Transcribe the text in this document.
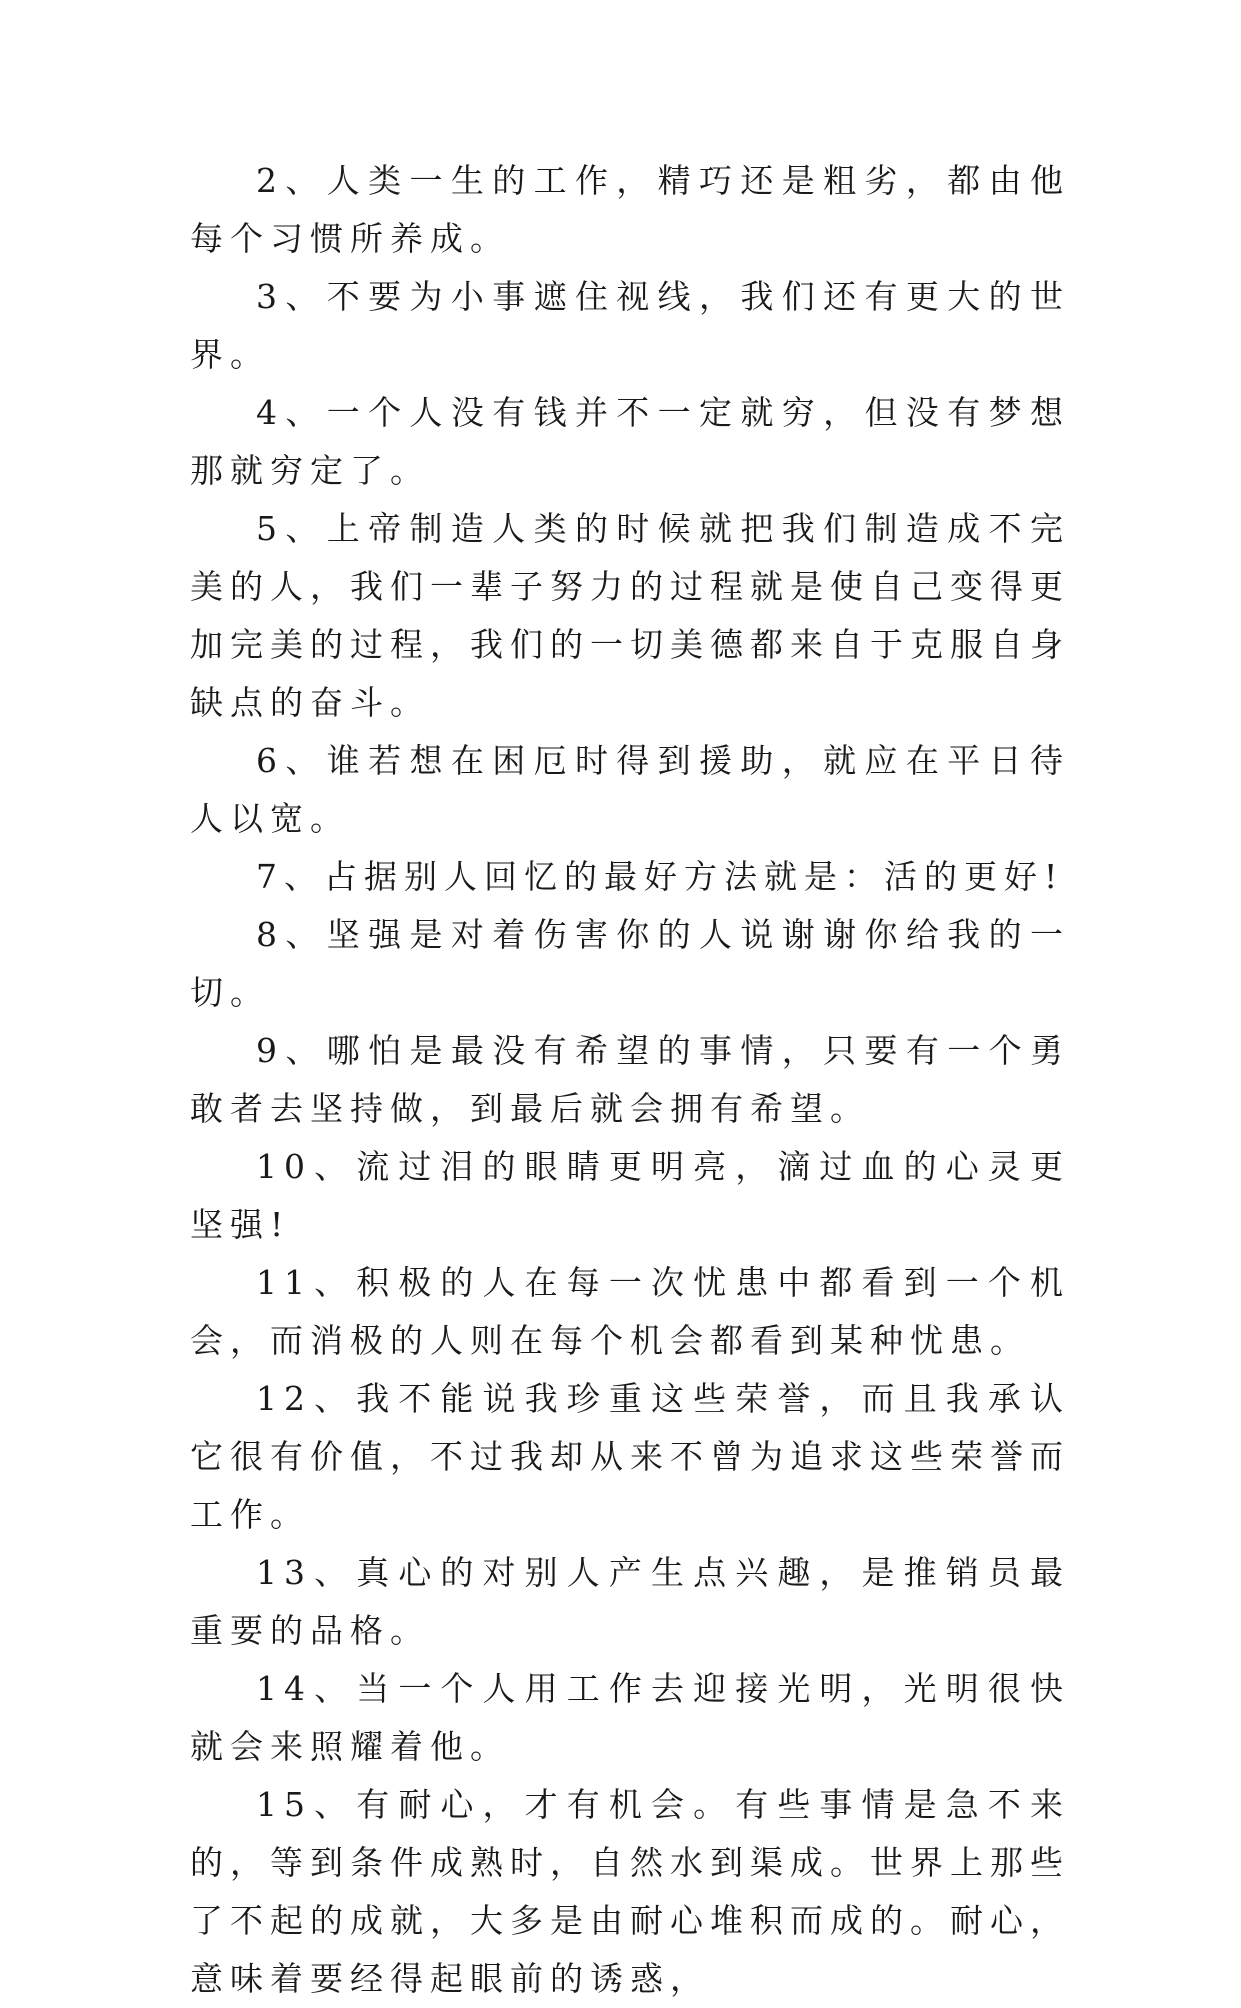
2、人类一生的工作，精巧还是粗劣，都由他每个习惯所养成。

3、不要为小事遮住视线，我们还有更大的世界。

4、一个人没有钱并不一定就穷，但没有梦想那就穷定了。

5、上帝制造人类的时候就把我们制造成不完美的人，我们一辈子努力的过程就是使自己变得更加完美的过程，我们的一切美德都来自于克服自身缺点的奋斗。

6、谁若想在困厄时得到援助，就应在平日待人以宽。

7、占据别人回忆的最好方法就是：活的更好!

8、坚强是对着伤害你的人说谢谢你给我的一切。

9、哪怕是最没有希望的事情，只要有一个勇敢者去坚持做，到最后就会拥有希望。

10、流过泪的眼睛更明亮，滴过血的心灵更坚强!

11、积极的人在每一次忧患中都看到一个机会，而消极的人则在每个机会都看到某种忧患。

12、我不能说我珍重这些荣誉，而且我承认它很有价值，不过我却从来不曾为追求这些荣誉而工作。

13、真心的对别人产生点兴趣，是推销员最重要的品格。

14、当一个人用工作去迎接光明，光明很快就会来照耀着他。

15、有耐心，才有机会。有些事情是急不来的，等到条件成熟时，自然水到渠成。世界上那些了不起的成就，大多是由耐心堆积而成的。耐心，意味着要经得起眼前的诱惑，
